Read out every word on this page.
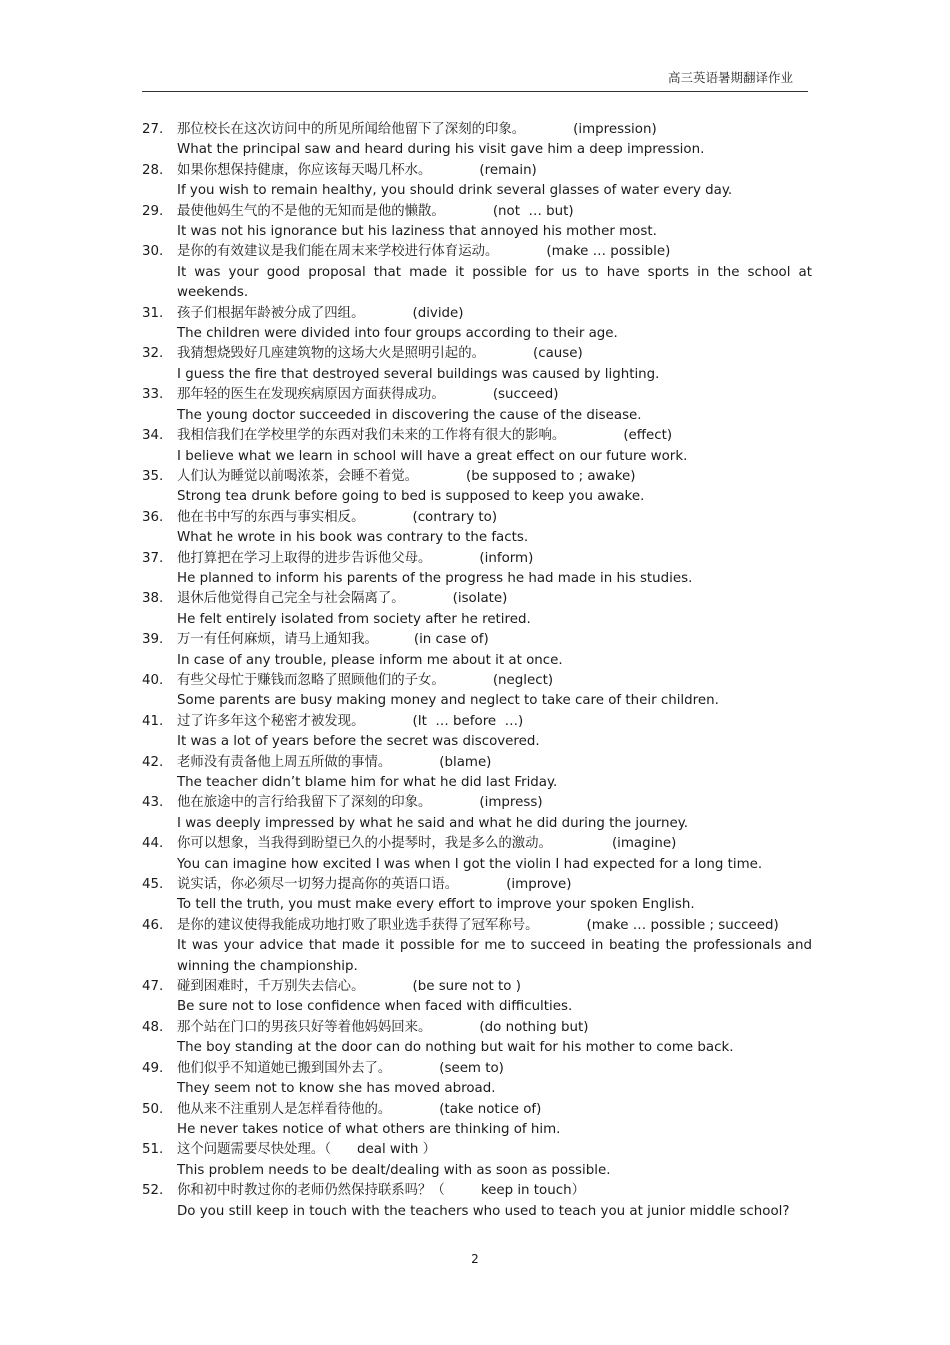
高三英语暑期翻译作业
27. 那位校长在这次访问中的所见所闻给他留下了深刻的印象。	(impression)
What the principal saw and heard during his visit gave him a deep impression.
28. 如果你想保持健康，你应该每天喝几杯水。	(remain)
If you wish to remain healthy, you should drink several glasses of water every day.
29. 最使他妈生气的不是他的无知而是他的懒散。	(not  … but)
It was not his ignorance but his laziness that annoyed his mother most.
30. 是你的有效建议是我们能在周末来学校进行体育运动。	(make … possible)
It was your good proposal that made it possible for us to have sports in the school at weekends.
31. 孩子们根据年龄被分成了四组。	(divide)
The children were divided into four groups according to their age.
32. 我猜想烧毁好几座建筑物的这场大火是照明引起的。	(cause)
I guess the fire that destroyed several buildings was caused by lighting.
33. 那年轻的医生在发现疾病原因方面获得成功。	(succeed)
The young doctor succeeded in discovering the cause of the disease.
34. 我相信我们在学校里学的东西对我们未来的工作将有很大的影响。	(effect)
I believe what we learn in school will have a great effect on our future work.
35. 人们认为睡觉以前喝浓茶，会睡不着觉。	(be supposed to ; awake)
Strong tea drunk before going to bed is supposed to keep you awake.
36. 他在书中写的东西与事实相反。	(contrary to)
What he wrote in his book was contrary to the facts.
37. 他打算把在学习上取得的进步告诉他父母。	(inform)
He planned to inform his parents of the progress he had made in his studies.
38. 退休后他觉得自己完全与社会隔离了。	(isolate)
He felt entirely isolated from society after he retired.
39. 万一有任何麻烦，请马上通知我。	(in case of)
In case of any trouble, please inform me about it at once.
40. 有些父母忙于赚钱而忽略了照顾他们的子女。	(neglect)
Some parents are busy making money and neglect to take care of their children.
41. 过了许多年这个秘密才被发现。	(It  … before  …)
It was a lot of years before the secret was discovered.
42. 老师没有责备他上周五所做的事情。	(blame)
The teacher didn’t blame him for what he did last Friday.
43. 他在旅途中的言行给我留下了深刻的印象。	(impress)
I was deeply impressed by what he said and what he did during the journey.
44. 你可以想象，当我得到盼望已久的小提琴时，我是多么的激动。	(imagine)
You can imagine how excited I was when I got the violin I had expected for a long time.
45. 说实话，你必须尽一切努力提高你的英语口语。	(improve)
To tell the truth, you must make every effort to improve your spoken English.
46. 是你的建议使得我能成功地打败了职业选手获得了冠军称号。	(make … possible ; succeed)
It was your advice that made it possible for me to succeed in beating the professionals and winning the championship.
47. 碰到困难时，千万别失去信心。	(be sure not to )
Be sure not to lose confidence when faced with difficulties.
48. 那个站在门口的男孩只好等着他妈妈回来。	(do nothing but)
The boy standing at the door can do nothing but wait for his mother to come back.
49. 他们似乎不知道她已搬到国外去了。	(seem to)
They seem not to know she has moved abroad.
50. 他从来不注重别人是怎样看待他的。	(take notice of)
He never takes notice of what others are thinking of him.
51. 这个问题需要尽快处理。（ deal with ）
This problem needs to be dealt/dealing with as soon as possible.
52. 你和初中时教过你的老师仍然保持联系吗？（	keep in touch）
Do you still keep in touch with the teachers who used to teach you at junior middle school?
2
